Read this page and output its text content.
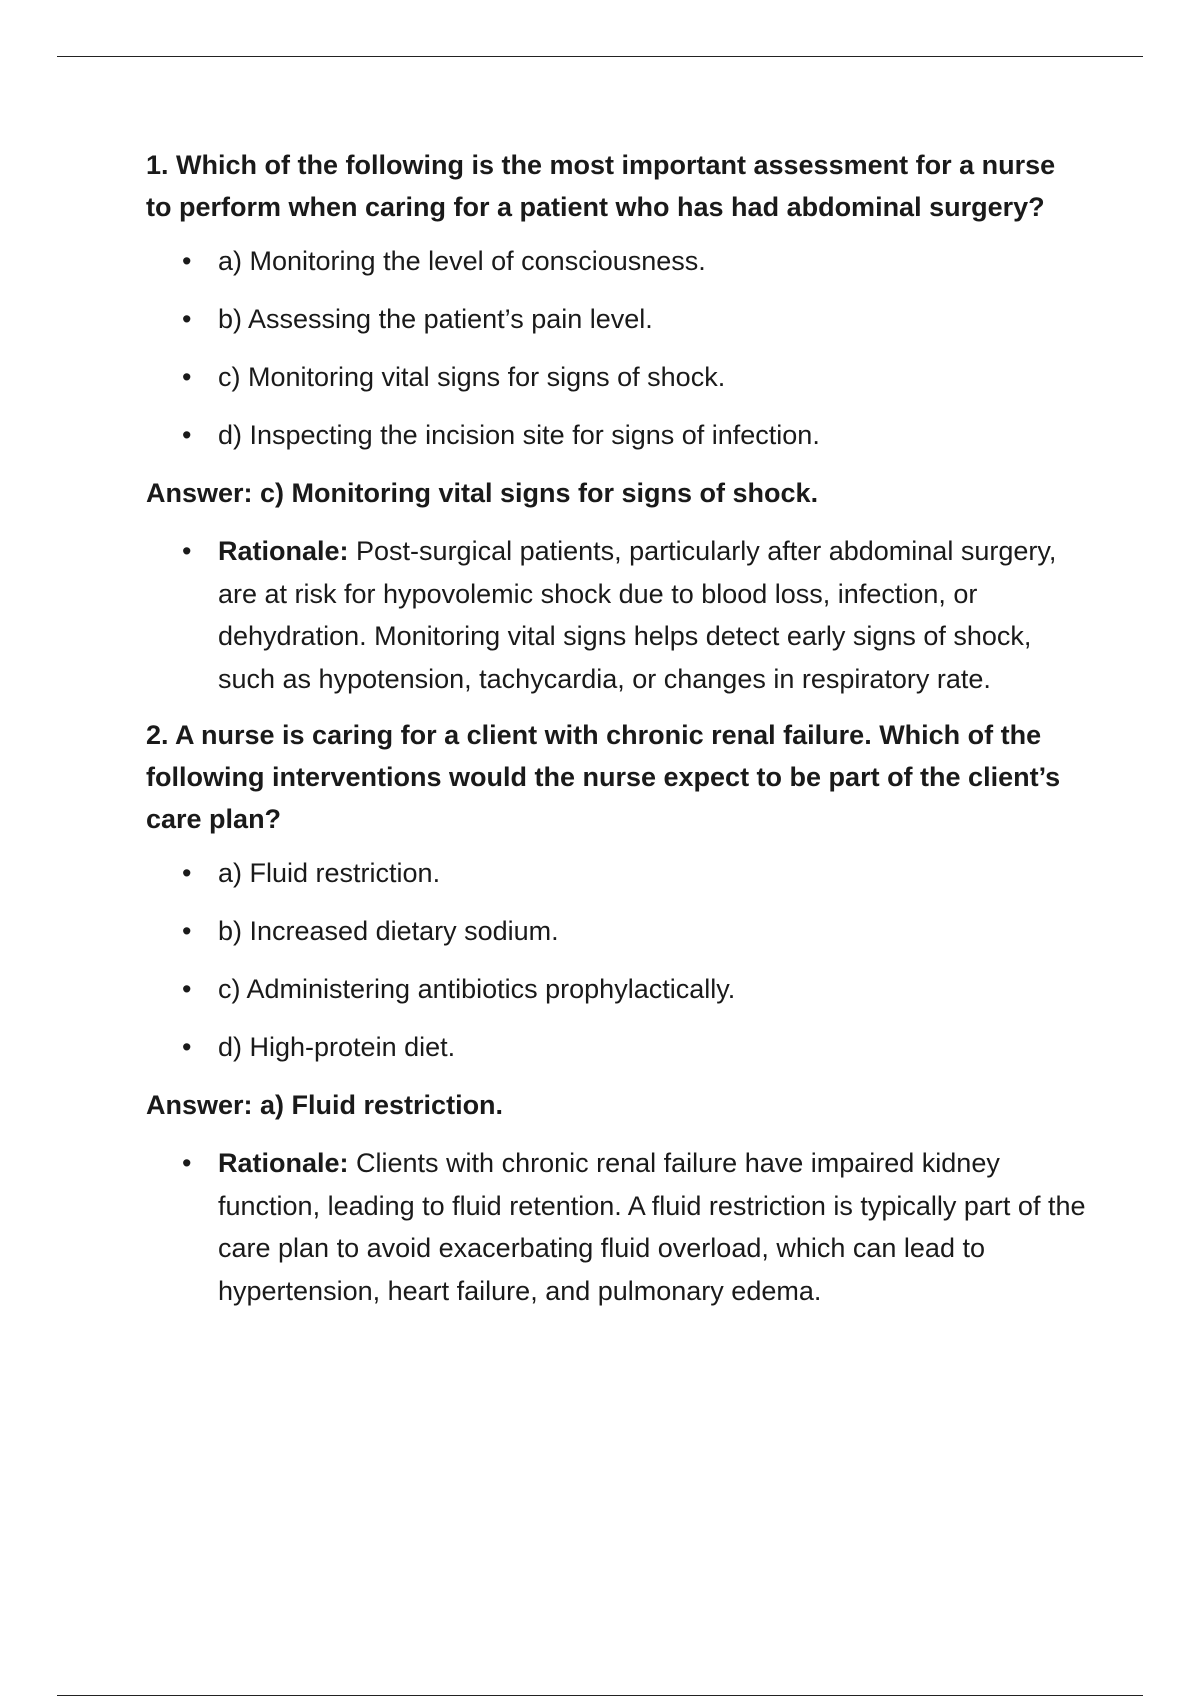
1. Which of the following is the most important assessment for a nurse to perform when caring for a patient who has had abdominal surgery?

• a) Monitoring the level of consciousness.
• b) Assessing the patient’s pain level.
• c) Monitoring vital signs for signs of shock.
• d) Inspecting the incision site for signs of infection.

Answer: c) Monitoring vital signs for signs of shock.

• Rationale: Post-surgical patients, particularly after abdominal surgery, are at risk for hypovolemic shock due to blood loss, infection, or dehydration. Monitoring vital signs helps detect early signs of shock, such as hypotension, tachycardia, or changes in respiratory rate.

2. A nurse is caring for a client with chronic renal failure. Which of the following interventions would the nurse expect to be part of the client’s care plan?

• a) Fluid restriction.
• b) Increased dietary sodium.
• c) Administering antibiotics prophylactically.
• d) High-protein diet.

Answer: a) Fluid restriction.

• Rationale: Clients with chronic renal failure have impaired kidney function, leading to fluid retention. A fluid restriction is typically part of the care plan to avoid exacerbating fluid overload, which can lead to hypertension, heart failure, and pulmonary edema.
